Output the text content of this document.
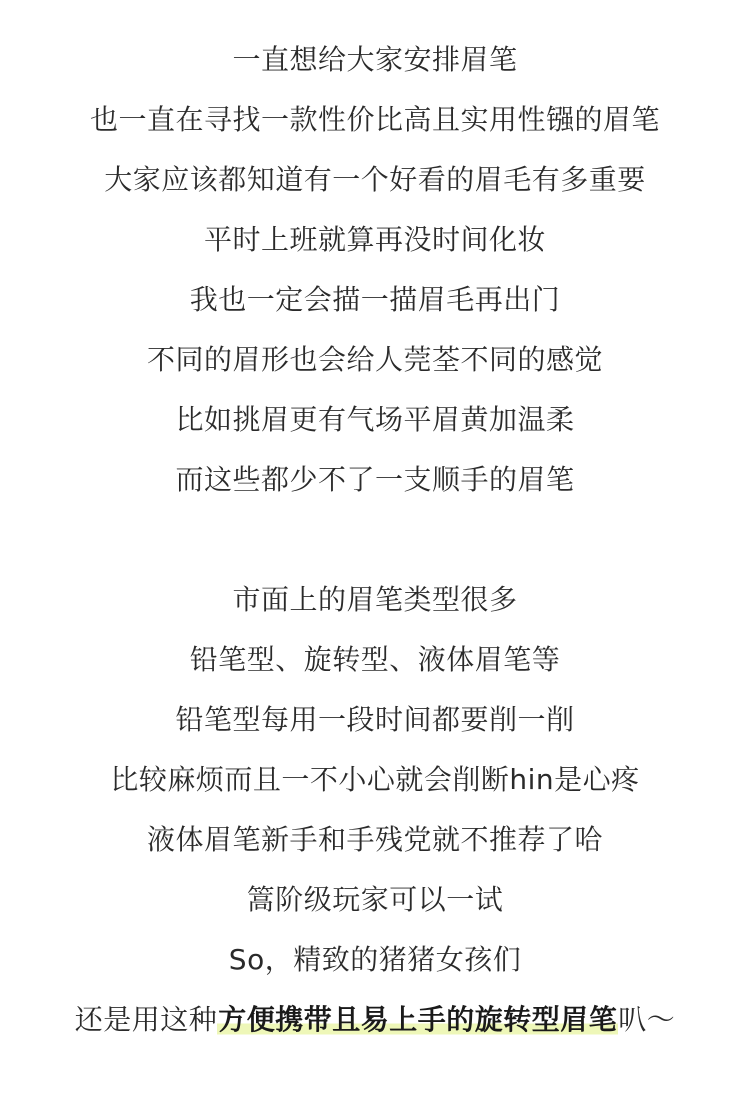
一直想给大家安排眉笔
也一直在寻找一款性价比高且实用性镪的眉笔
大家应该都知道有一个好看的眉毛有多重要
平时上班就算再没时间化妆
我也一定会描一描眉毛再出门
不同的眉形也会给人莞荃不同的感觉
比如挑眉更有气场平眉黄加温柔
而这些都少不了一支顺手的眉笔
市面上的眉笔类型很多
铅笔型、旋转型、液体眉笔等
铅笔型每用一段时间都要削一削
比较麻烦而且一不小心就会削断hin是心疼
液体眉笔新手和手残党就不推荐了哈
篙阶级玩家可以一试
So，精致的猪猪女孩们
还是用这种方便携带且易上手的旋转型眉笔叭～
